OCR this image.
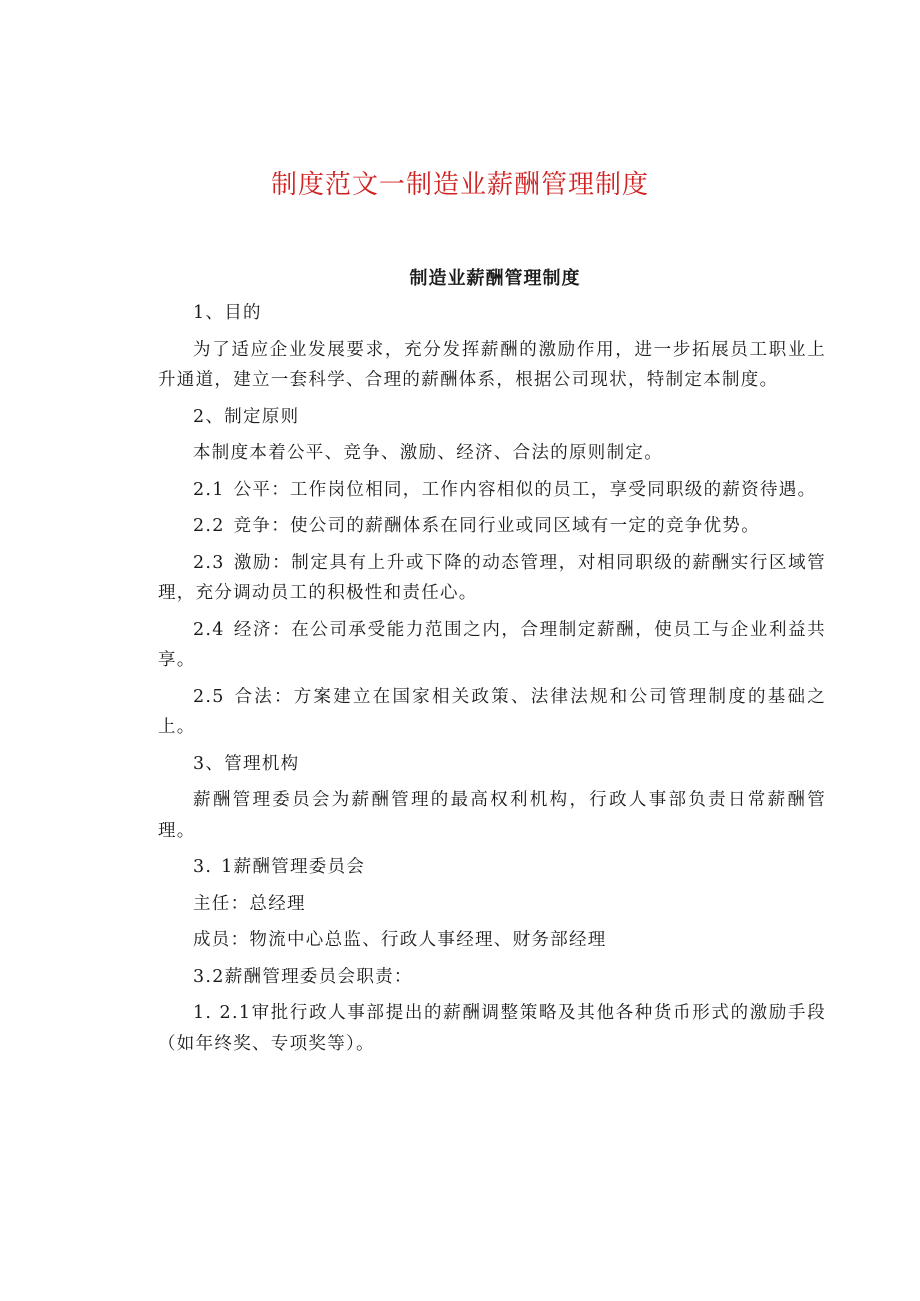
制度范文一制造业薪酬管理制度
制造业薪酬管理制度

1、目的

为了适应企业发展要求，充分发挥薪酬的激励作用，进一步拓展员工职业上升通道，建立一套科学、合理的薪酬体系，根据公司现状，特制定本制度。

2、制定原则

本制度本着公平、竞争、激励、经济、合法的原则制定。

2.1 公平：工作岗位相同，工作内容相似的员工，享受同职级的薪资待遇。

2.2 竞争：使公司的薪酬体系在同行业或同区域有一定的竞争优势。

2.3 激励：制定具有上升或下降的动态管理，对相同职级的薪酬实行区域管理，充分调动员工的积极性和责任心。

2.4 经济：在公司承受能力范围之内，合理制定薪酬，使员工与企业利益共享。

2.5 合法：方案建立在国家相关政策、法律法规和公司管理制度的基础之上。

3、管理机构

薪酬管理委员会为薪酬管理的最高权利机构，行政人事部负责日常薪酬管理。

3. 1薪酬管理委员会

主任：总经理

成员：物流中心总监、行政人事经理、财务部经理

3.2薪酬管理委员会职责：

1. 2.1审批行政人事部提出的薪酬调整策略及其他各种货币形式的激励手段（如年终奖、专项奖等）。
